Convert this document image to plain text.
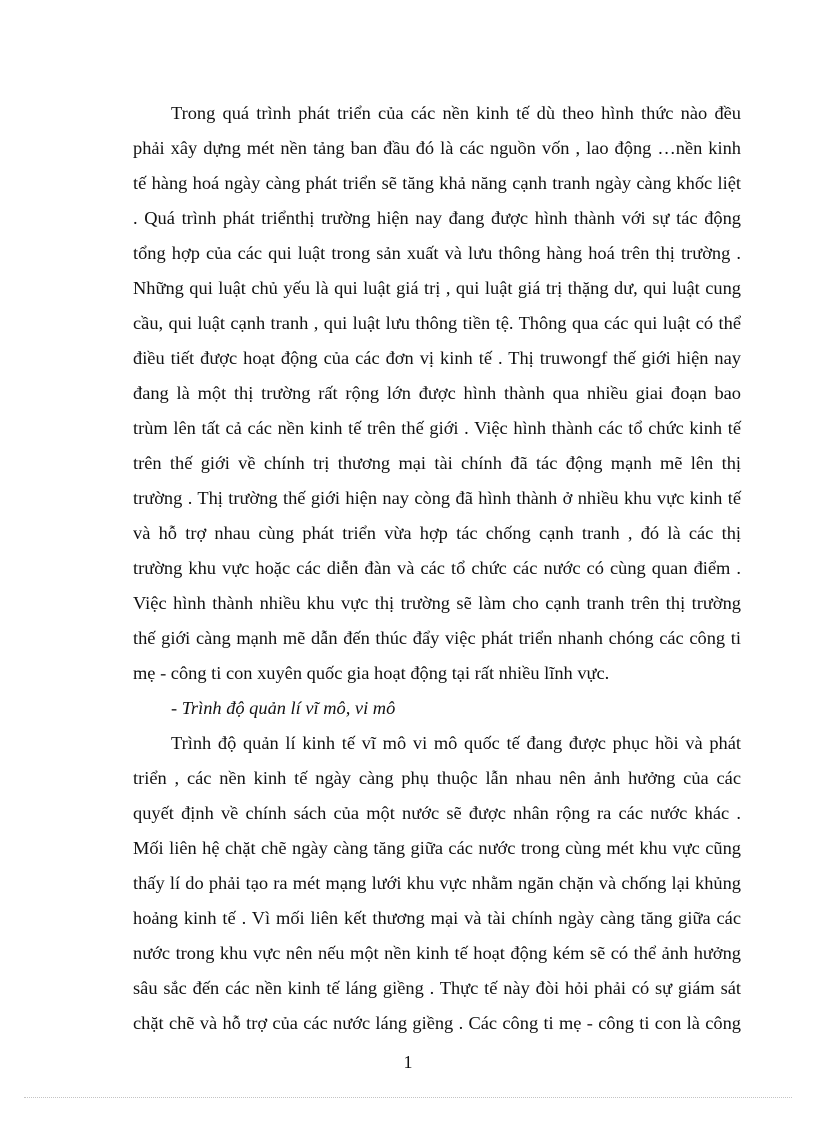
Trong quá trình phát triển của các nền kinh tế dù theo hình thức nào đều
phải xây dựng mét nền tảng ban đầu đó là các nguồn vốn , lao động …nền kinh
tế hàng hoá ngày càng phát triển sẽ tăng khả năng cạnh tranh ngày càng khốc liệt
. Quá trình phát triểnthị trường hiện nay đang được hình thành với sự tác động
tổng hợp của các qui luật trong sản xuất và lưu thông hàng hoá trên thị trường .
Những qui luật chủ yếu là qui luật giá trị , qui luật giá trị thặng dư, qui luật cung
cầu, qui luật cạnh tranh , qui luật lưu thông tiền tệ. Thông qua các qui luật có thể
điều tiết được hoạt động của các đơn vị kinh tế . Thị truwongf thế giới hiện nay
đang là một thị trường rất rộng lớn được hình thành qua nhiều giai đoạn bao
trùm lên tất cả các nền kinh tế trên thế giới . Việc hình thành các tổ chức kinh tế
trên thế giới về chính trị thương mại tài chính đã tác động mạnh mẽ lên thị
trường . Thị trường thế giới hiện nay còng đã hình thành ở nhiều khu vực kinh tế
và hỗ trợ nhau cùng phát triển vừa hợp tác chống cạnh tranh , đó là các thị
trường khu vực hoặc các diễn đàn và các tổ chức các nước có cùng quan điểm .
Việc hình thành nhiều khu vực thị trường sẽ làm cho cạnh tranh trên thị trường
thế giới càng mạnh mẽ dẫn đến thúc đẩy việc phát triển nhanh chóng các công ti
mẹ - công ti con xuyên quốc gia hoạt động tại rất nhiều lĩnh vực.
- Trình độ quản lí vĩ mô, vi mô
Trình độ quản lí kinh tế vĩ mô vi mô quốc tế đang được phục hồi và phát
triển , các nền kinh tế ngày càng phụ thuộc lẫn nhau nên ảnh hưởng của các
quyết định về chính sách của một nước sẽ được nhân rộng ra các nước khác .
Mối liên hệ chặt chẽ ngày càng tăng giữa các nước trong cùng mét khu vực cũng
thấy lí do phải tạo ra mét mạng lưới khu vực nhằm ngăn chặn và chống lại khủng
hoảng kinh tế . Vì mối liên kết thương mại và tài chính ngày càng tăng giữa các
nước trong khu vực nên nếu một nền kinh tế hoạt động kém sẽ có thể ảnh hưởng
sâu sắc đến các nền kinh tế láng giềng . Thực tế này đòi hỏi phải có sự giám sát
chặt chẽ và hỗ trợ của các nước láng giềng . Các công ti mẹ - công ti con là công
1
